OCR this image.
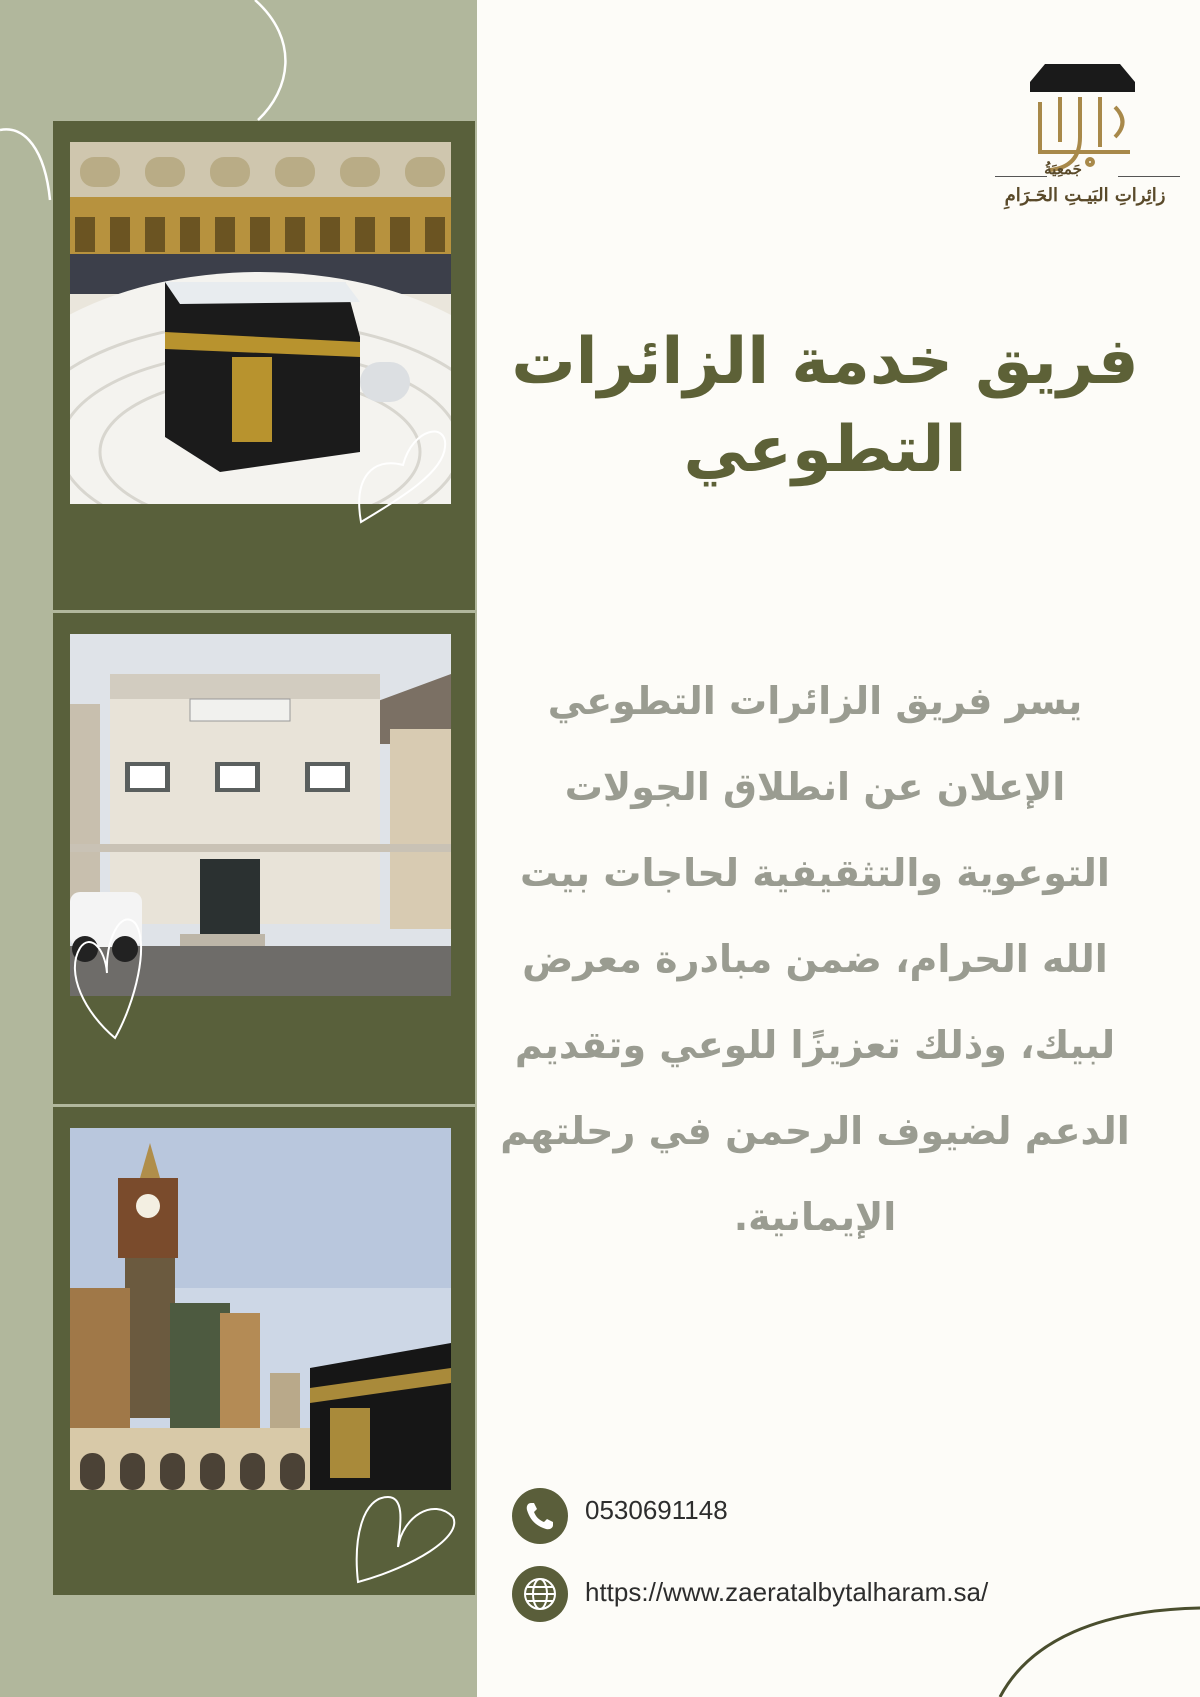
جَمعِيَةُ
زائِراتِ البَيـتِ الحَـرَامِ
فريق خدمة الزائرات
التطوعي
يسر فريق الزائرات التطوعي
الإعلان عن انطلاق الجولات
التوعوية والتثقيفية لحاجات بيت
الله الحرام، ضمن مبادرة معرض
لبيك، وذلك تعزيزًا للوعي وتقديم
الدعم لضيوف الرحمن في رحلتهم
الإيمانية.
0530691148
https://www.zaeratalbytalharam.sa/
